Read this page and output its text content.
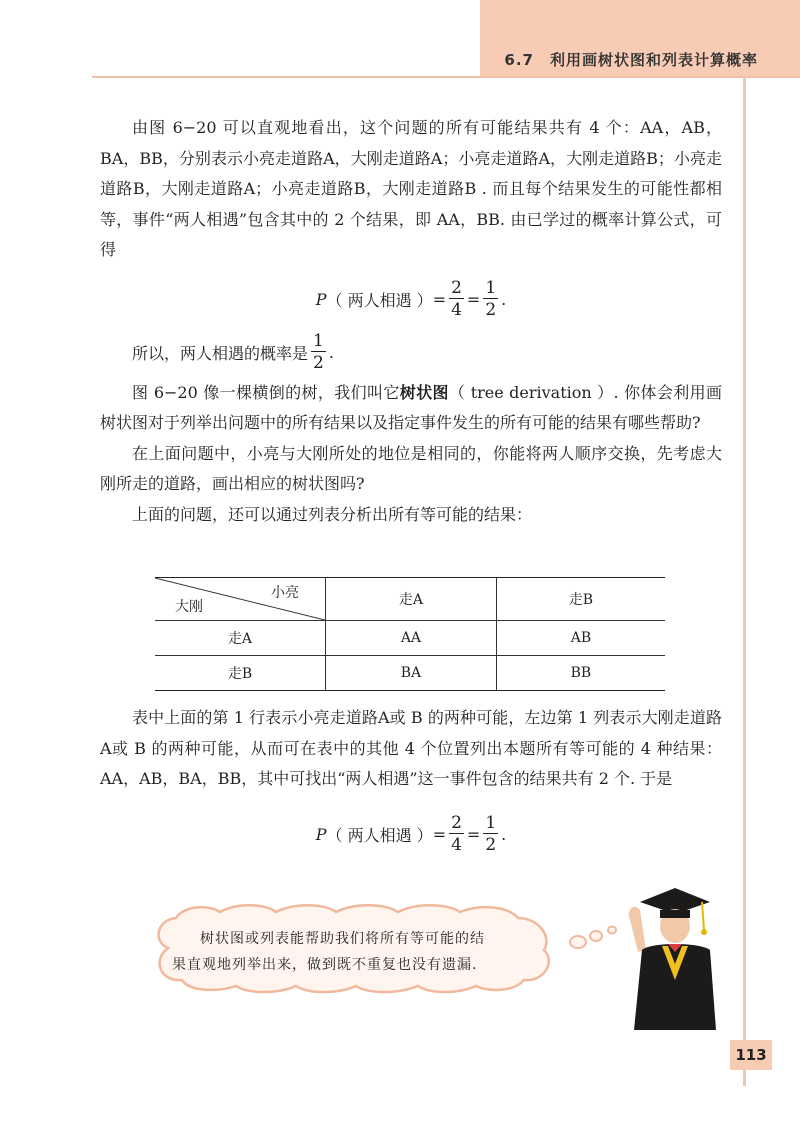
6.7　利用画树状图和列表计算概率

由图 6−20 可以直观地看出，这个问题的所有可能结果共有 4 个：AA，AB，BA，BB，分别表示小亮走道路A，大刚走道路A；小亮走道路A，大刚走道路B；小亮走道路B，大刚走道路A；小亮走道路B，大刚走道路B . 而且每个结果发生的可能性都相等，事件“两人相遇”包含其中的 2 个结果，即 AA，BB. 由已学过的概率计算公式，可得

P （ 两人相遇 ） = $\frac{2}{4} = \frac{1}{2}$ .
所以，两人相遇的概率是 $\frac{1}{2}$ .

图 6−20 像一棵横倒的树，我们叫它树状图（ tree derivation ）. 你体会利用画树状图对于列举出问题中的所有结果以及指定事件发生的所有可能的结果有哪些帮助?

在上面问题中，小亮与大刚所处的地位是相同的，你能将两人顺序交换，先考虑大刚所走的道路，画出相应的树状图吗?

上面的问题，还可以通过列表分析出所有等可能的结果：

小亮
大刚	走A	走B
走A	AA	AB
走B	BA	BB

表中上面的第 1 行表示小亮走道路A或 B 的两种可能，左边第 1 列表示大刚走道路A或 B 的两种可能，从而可在表中的其他 4 个位置列出本题所有等可能的 4 种结果：AA，AB，BA，BB，其中可找出“两人相遇”这一事件包含的结果共有 2 个. 于是

P （ 两人相遇 ） = $\frac{2}{4} = \frac{1}{2}$ .
树状图或列表能帮助我们将所有等可能的结
果直观地列举出来，做到既不重复也没有遗漏.
113
